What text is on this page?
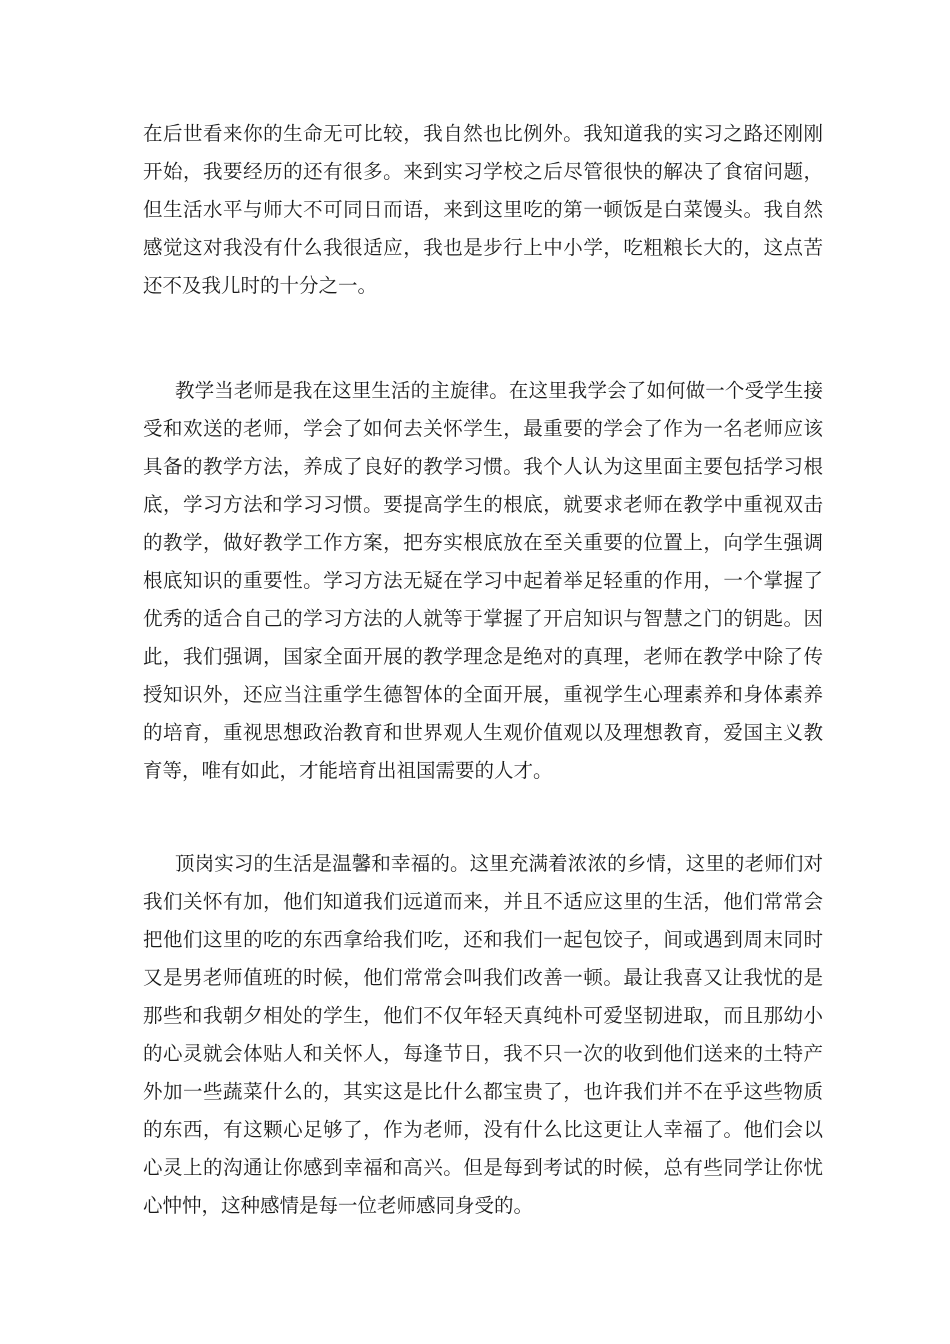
在后世看来你的生命无可比较，我自然也比例外。我知道我的实习之路还刚刚

开始，我要经历的还有很多。来到实习学校之后尽管很快的解决了食宿问题，

但生活水平与师大不可同日而语，来到这里吃的第一顿饭是白菜馒头。我自然

感觉这对我没有什么我很适应，我也是步行上中小学，吃粗粮长大的，这点苦

还不及我儿时的十分之一。

教学当老师是我在这里生活的主旋律。在这里我学会了如何做一个受学生接

受和欢送的老师，学会了如何去关怀学生，最重要的学会了作为一名老师应该

具备的教学方法，养成了良好的教学习惯。我个人认为这里面主要包括学习根

底，学习方法和学习习惯。要提高学生的根底，就要求老师在教学中重视双击

的教学，做好教学工作方案，把夯实根底放在至关重要的位置上，向学生强调

根底知识的重要性。学习方法无疑在学习中起着举足轻重的作用，一个掌握了

优秀的适合自己的学习方法的人就等于掌握了开启知识与智慧之门的钥匙。因

此，我们强调，国家全面开展的教学理念是绝对的真理，老师在教学中除了传

授知识外，还应当注重学生德智体的全面开展，重视学生心理素养和身体素养

的培育，重视思想政治教育和世界观人生观价值观以及理想教育，爱国主义教

育等，唯有如此，才能培育出祖国需要的人才。

顶岗实习的生活是温馨和幸福的。这里充满着浓浓的乡情，这里的老师们对

我们关怀有加，他们知道我们远道而来，并且不适应这里的生活，他们常常会

把他们这里的吃的东西拿给我们吃，还和我们一起包饺子，间或遇到周末同时

又是男老师值班的时候，他们常常会叫我们改善一顿。最让我喜又让我忧的是

那些和我朝夕相处的学生，他们不仅年轻天真纯朴可爱坚韧进取，而且那幼小

的心灵就会体贴人和关怀人，每逢节日，我不只一次的收到他们送来的土特产

外加一些蔬菜什么的，其实这是比什么都宝贵了，也许我们并不在乎这些物质

的东西，有这颗心足够了，作为老师，没有什么比这更让人幸福了。他们会以

心灵上的沟通让你感到幸福和高兴。但是每到考试的时候，总有些同学让你忧

心忡忡，这种感情是每一位老师感同身受的。
